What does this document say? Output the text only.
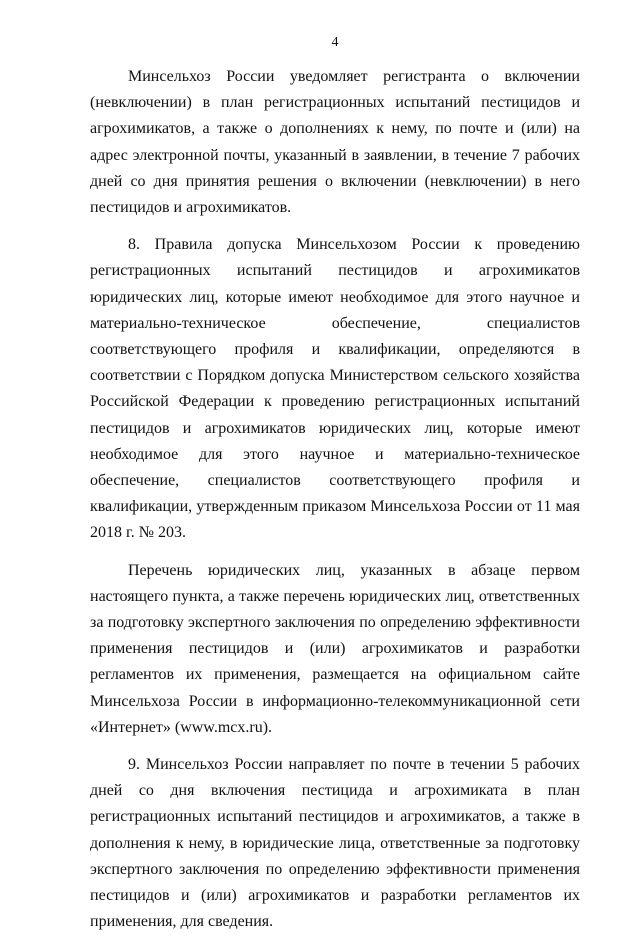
4

Минсельхоз России уведомляет регистранта о включении (невключении) в план регистрационных испытаний пестицидов и агрохимикатов, а также о дополнениях к нему, по почте и (или) на адрес электронной почты, указанный в заявлении, в течение 7 рабочих дней со дня принятия решения о включении (невключении) в него пестицидов и агрохимикатов.

8. Правила допуска Минсельхозом России к проведению регистрационных испытаний пестицидов и агрохимикатов юридических лиц, которые имеют необходимое для этого научное и материально-техническое обеспечение, специалистов соответствующего профиля и квалификации, определяются в соответствии с Порядком допуска Министерством сельского хозяйства Российской Федерации к проведению регистрационных испытаний пестицидов и агрохимикатов юридических лиц, которые имеют необходимое для этого научное и материально-техническое обеспечение, специалистов соответствующего профиля и квалификации, утвержденным приказом Минсельхоза России от 11 мая 2018 г. № 203.

Перечень юридических лиц, указанных в абзаце первом настоящего пункта, а также перечень юридических лиц, ответственных за подготовку экспертного заключения по определению эффективности применения пестицидов и (или) агрохимикатов и разработки регламентов их применения, размещается на официальном сайте Минсельхоза России в информационно-телекоммуникационной сети «Интернет» (www.mcx.ru).

9. Минсельхоз России направляет по почте в течении 5 рабочих дней со дня включения пестицида и агрохимиката в план регистрационных испытаний пестицидов и агрохимикатов, а также в дополнения к нему, в юридические лица, ответственные за подготовку экспертного заключения по определению эффективности применения пестицидов и (или) агрохимикатов и разработки регламентов их применения, для сведения.
